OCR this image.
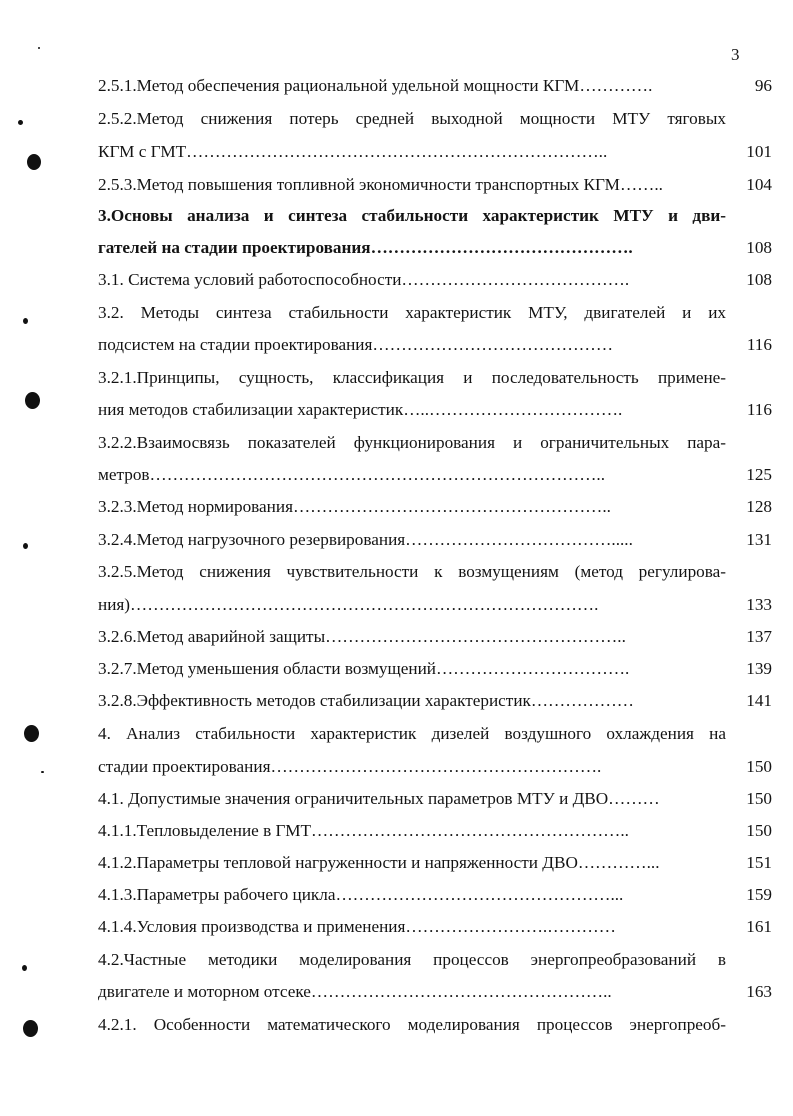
3
2.5.1.Метод обеспечения рациональной удельной мощности КГМ………….	96
2.5.2.Метод снижения потерь средней выходной мощности МТУ тяговых
КГМ с ГМТ………………………………………………………………..	101
2.5.3.Метод повышения топливной экономичности транспортных КГМ……..	104
3.Основы анализа и синтеза стабильности характеристик МТУ и дви-
гателей на стадии проектирования……………………………………….	108
3.1. Система условий работоспособности………………………………….	108
3.2. Методы синтеза стабильности характеристик МТУ, двигателей и их
подсистем на стадии проектирования……………………………………	116
3.2.1.Принципы, сущность, классификация и последовательность примене-
ния методов стабилизации характеристик…..…………………………….	116
3.2.2.Взаимосвязь показателей функционирования и ограничительных пара-
метров……………………………………………………………………..	125
3.2.3.Метод нормирования………………………………………………..	128
3.2.4.Метод нагрузочного резервирования……………………………….....	131
3.2.5.Метод снижения чувствительности к возмущениям (метод регулирова-
ния)……………………………………………………………………….	133
3.2.6.Метод аварийной защиты……………………………………………..	137
3.2.7.Метод уменьшения области возмущений…………………………….	139
3.2.8.Эффективность методов стабилизации характеристик………………	141
4. Анализ стабильности характеристик дизелей воздушного охлаждения на
стадии проектирования………………………………………………….	150
4.1. Допустимые значения ограничительных параметров МТУ и ДВО………	150
4.1.1.Тепловыделение в ГМТ………………………………………………..	150
4.1.2.Параметры тепловой нагруженности и напряженности ДВО…………...	151
4.1.3.Параметры рабочего цикла…………………………………………...	159
4.1.4.Условия производства и применения…………………….…………	161
4.2.Частные методики моделирования процессов энергопреобразований в
двигателе и моторном отсеке……………………………………………..	163
4.2.1. Особенности математического моделирования процессов энергопреоб-
